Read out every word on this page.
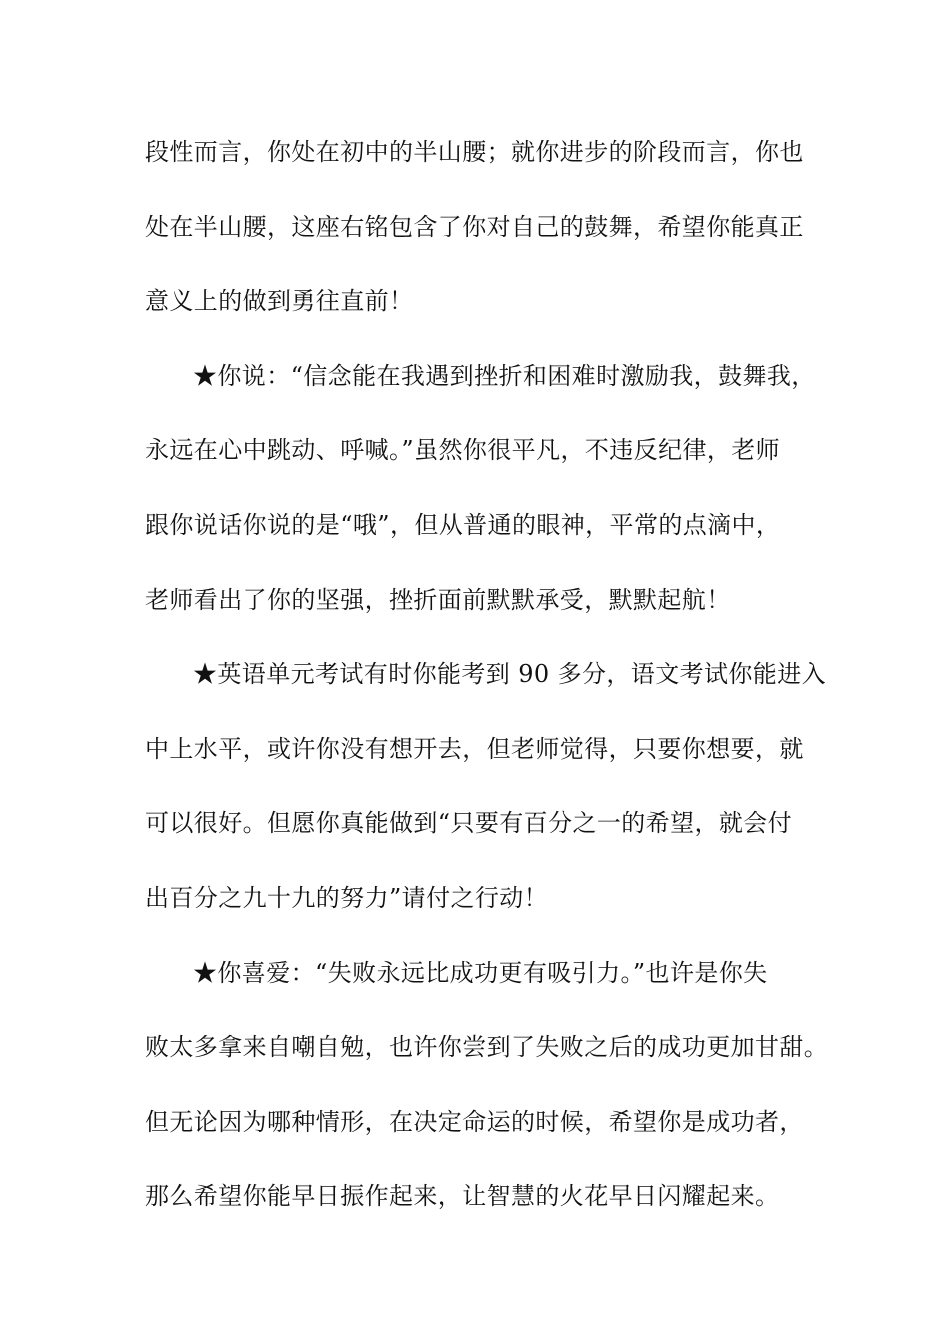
段性而言，你处在初中的半山腰；就你进步的阶段而言，你也
处在半山腰，这座右铭包含了你对自己的鼓舞，希望你能真正
意义上的做到勇往直前！
★你说：“信念能在我遇到挫折和困难时激励我，鼓舞我，
永远在心中跳动、呼喊。”虽然你很平凡，不违反纪律，老师
跟你说话你说的是“哦”，但从普通的眼神，平常的点滴中，
老师看出了你的坚强，挫折面前默默承受，默默起航！
★英语单元考试有时你能考到 90 多分，语文考试你能进入
中上水平，或许你没有想开去，但老师觉得，只要你想要，就
可以很好。但愿你真能做到“只要有百分之一的希望，就会付
出百分之九十九的努力”请付之行动！
★你喜爱：“失败永远比成功更有吸引力。”也许是你失
败太多拿来自嘲自勉，也许你尝到了失败之后的成功更加甘甜。
但无论因为哪种情形，在决定命运的时候，希望你是成功者，
那么希望你能早日振作起来，让智慧的火花早日闪耀起来。
